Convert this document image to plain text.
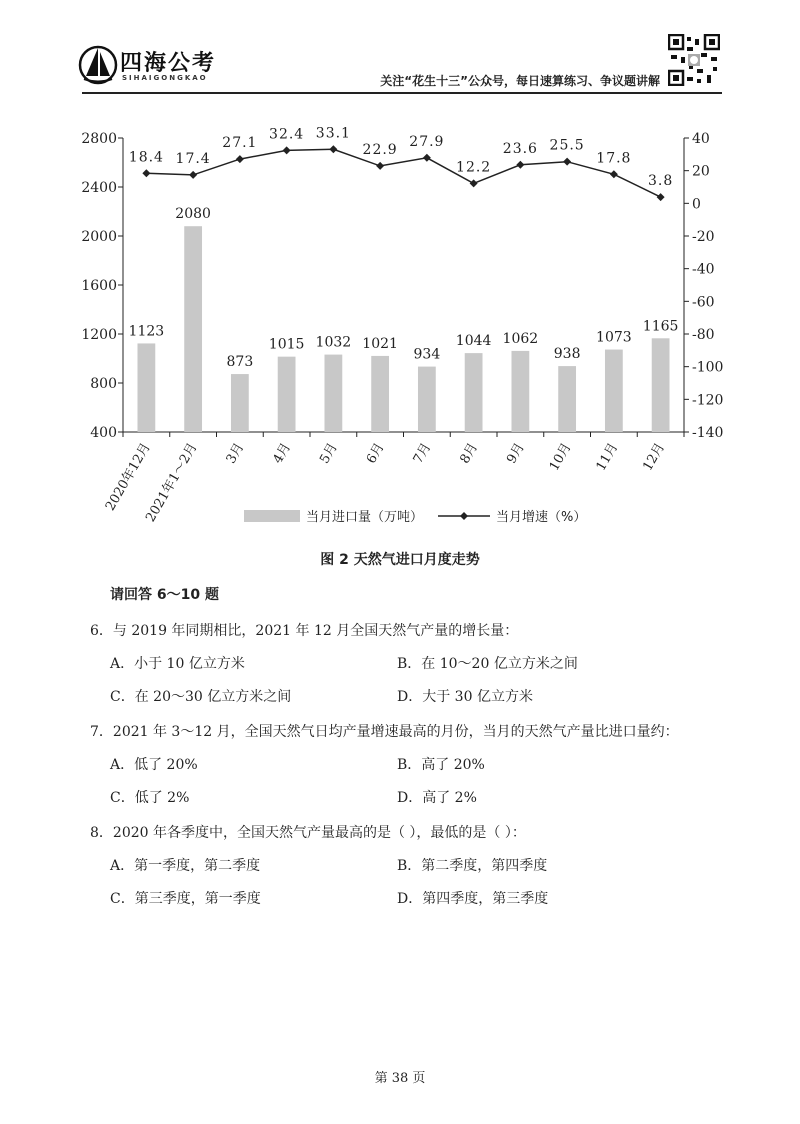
四海公考
SIHAIGONGKAO	关注“花生十三”公众号，每日速算练习、争议题讲解
1123
2080
873
1015 1032 1021
934
1044 1062
938
1073
1165
18.4 17.4
27.1
32.4 33.1
22.9
27.9
12.2
23.6 25.5
17.8
3.8
400
800
1200
1600
2000
2400
2800	40
20
0
-20
-40
-60
-80
-100
-120
-140
2020年12月
2021年1～2月 3月 4月 5月 6月 7月 8月 9月 10月 11月 12月
当月进口量（万吨）	当月增速（%）
图 2 天然气进口月度走势
请回答 6～10 题
6．与 2019 年同期相比，2021 年 12 月全国天然气产量的增长量：
A．小于 10 亿立方米	B．在 10～20 亿立方米之间
C．在 20～30 亿立方米之间	D．大于 30 亿立方米
7．2021 年 3～12 月，全国天然气日均产量增速最高的月份，当月的天然气产量比进口量约：
A．低了 20%	B．高了 20%
C．低了 2%	D．高了 2%
8．2020 年各季度中，全国天然气产量最高的是（ ），最低的是（ ）：
A．第一季度，第二季度	B．第二季度，第四季度
C．第三季度，第一季度	D．第四季度，第三季度
第 38 页
